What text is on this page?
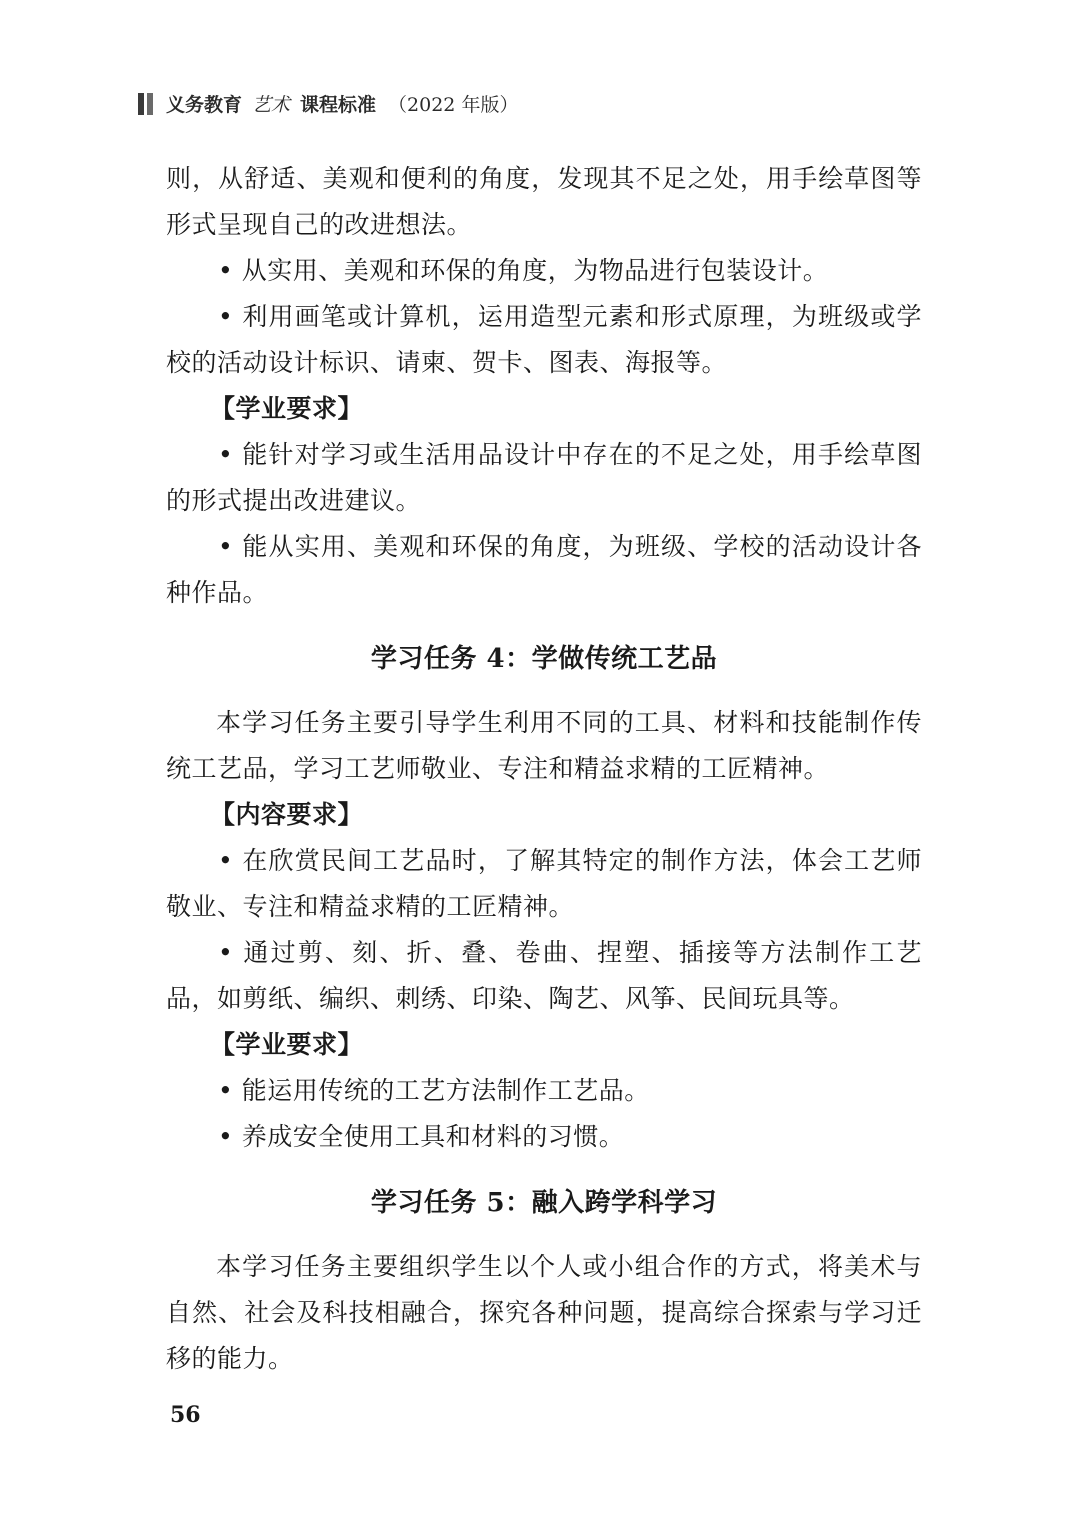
义务教育 艺术 课程标准 （2022 年版）

则，从舒适、美观和便利的角度，发现其不足之处，用手绘草图等形式呈现自己的改进想法。

• 从实用、美观和环保的角度，为物品进行包装设计。

• 利用画笔或计算机，运用造型元素和形式原理，为班级或学校的活动设计标识、请柬、贺卡、图表、海报等。

【学业要求】

• 能针对学习或生活用品设计中存在的不足之处，用手绘草图的形式提出改进建议。

• 能从实用、美观和环保的角度，为班级、学校的活动设计各种作品。

学习任务 4：学做传统工艺品

本学习任务主要引导学生利用不同的工具、材料和技能制作传统工艺品，学习工艺师敬业、专注和精益求精的工匠精神。

【内容要求】

• 在欣赏民间工艺品时，了解其特定的制作方法，体会工艺师敬业、专注和精益求精的工匠精神。

• 通过剪、刻、折、叠、卷曲、捏塑、插接等方法制作工艺品，如剪纸、编织、刺绣、印染、陶艺、风筝、民间玩具等。

【学业要求】

• 能运用传统的工艺方法制作工艺品。

• 养成安全使用工具和材料的习惯。

学习任务 5：融入跨学科学习

本学习任务主要组织学生以个人或小组合作的方式，将美术与自然、社会及科技相融合，探究各种问题，提高综合探索与学习迁移的能力。

56
